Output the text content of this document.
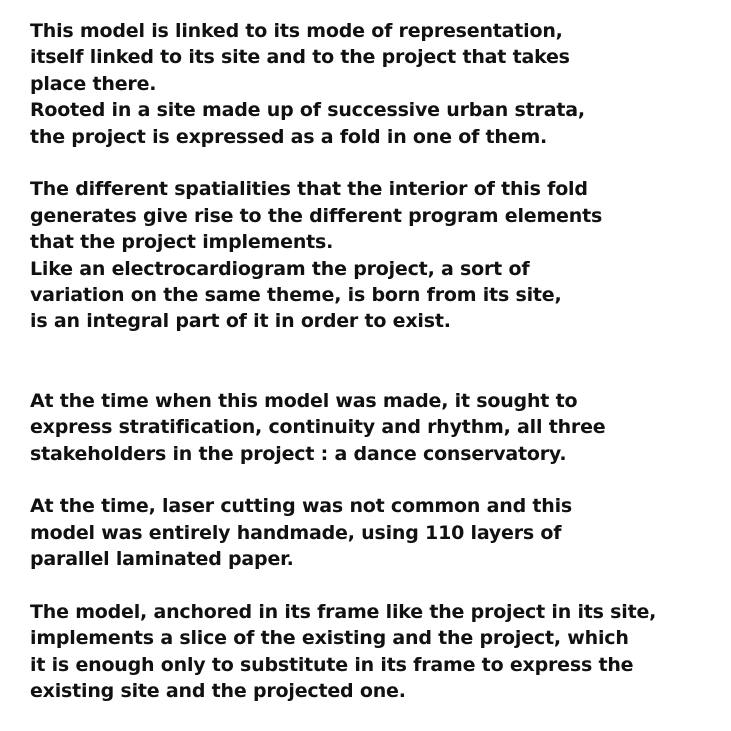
This model is linked to its mode of representation,
itself linked to its site and to the project that takes
place there.
Rooted in a site made up of successive urban strata,
the project is expressed as a fold in one of them.
The different spatialities that the interior of this fold
generates give rise to the different program elements
that the project implements.
Like an electrocardiogram the project, a sort of
variation on the same theme, is born from its site,
is an integral part of it in order to exist.
At the time when this model was made, it sought to
express stratification, continuity and rhythm, all three
stakeholders in the project : a dance conservatory.
At the time, laser cutting was not common and this
model was entirely handmade, using 110 layers of
parallel laminated paper.
The model, anchored in its frame like the project in its site,
implements a slice of the existing and the project, which
it is enough only to substitute in its frame to express the
existing site and the projected one.
